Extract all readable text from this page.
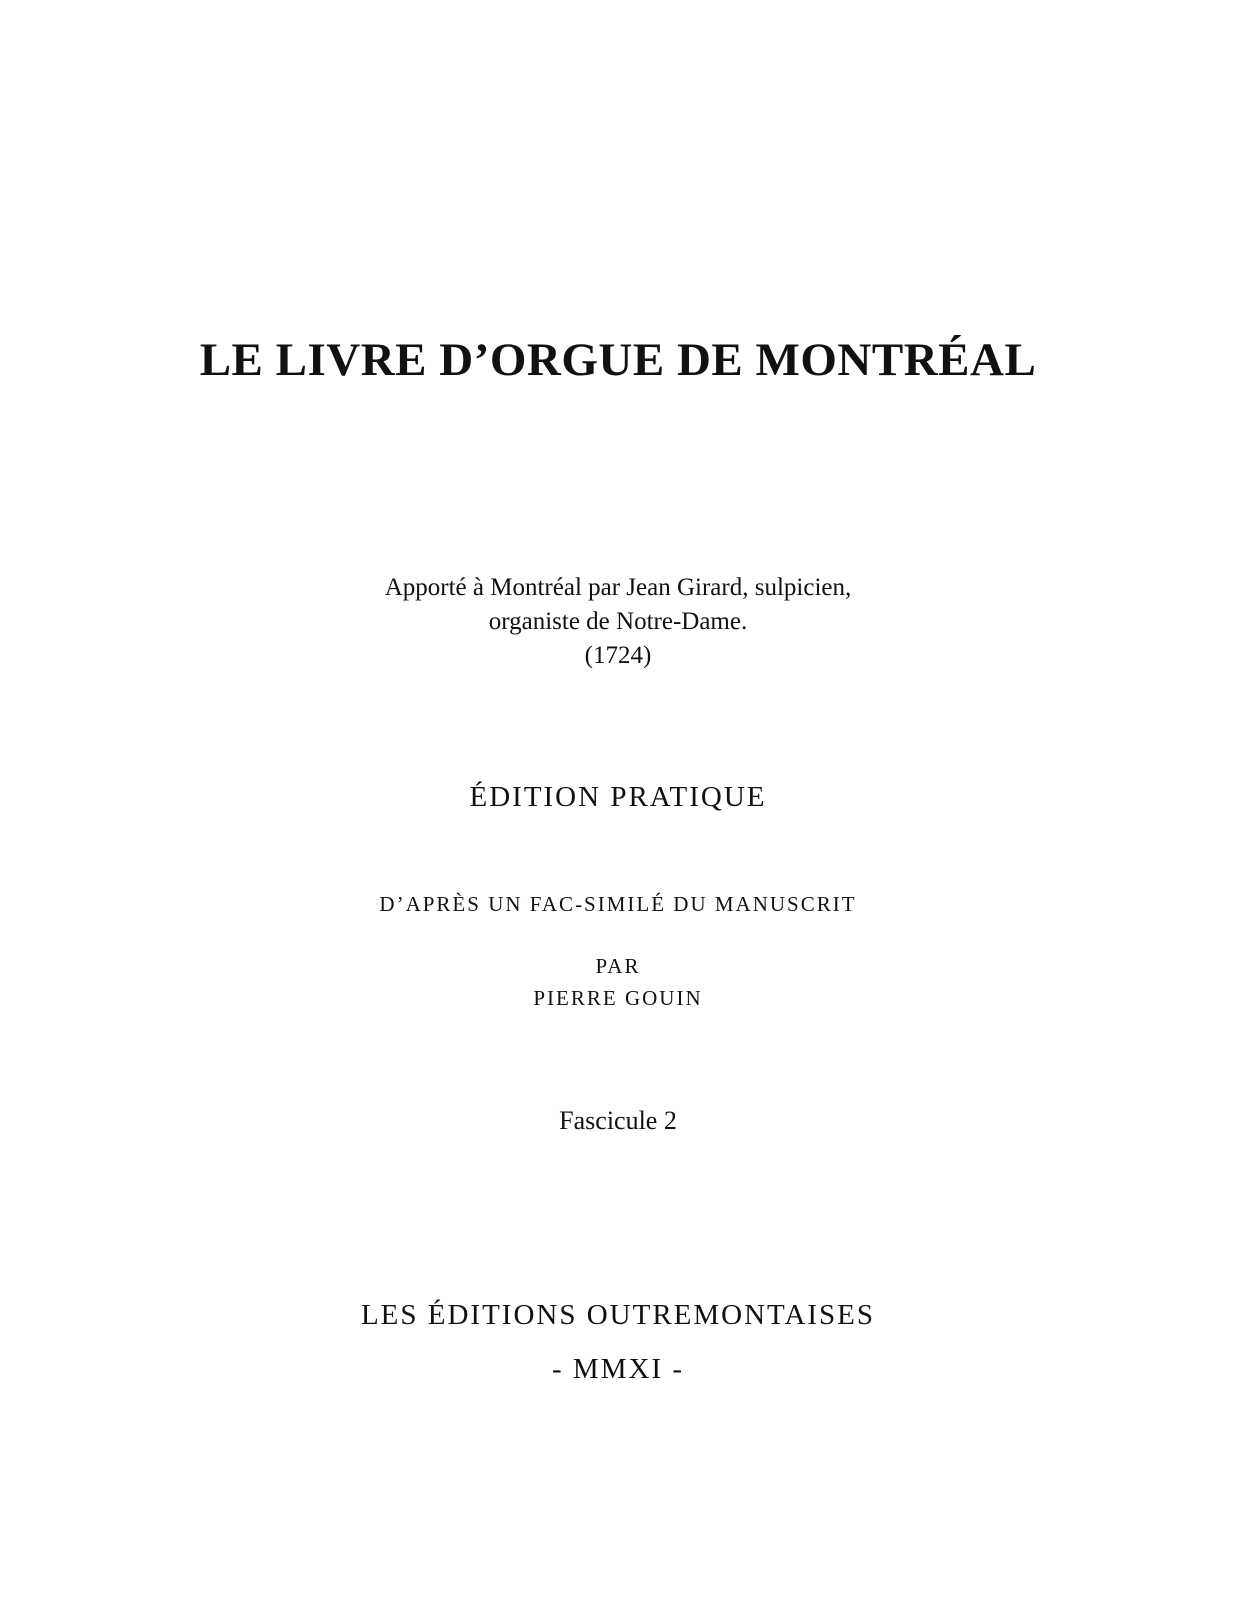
LE LIVRE D’ORGUE DE MONTRÉAL

Apporté à Montréal par Jean Girard, sulpicien,

organiste de Notre-Dame.

(1724)

ÉDITION PRATIQUE

D’APRÈS UN FAC-SIMILÉ DU MANUSCRIT

PAR

PIERRE GOUIN

Fascicule 2

LES ÉDITIONS OUTREMONTAISES

- MMXI -
